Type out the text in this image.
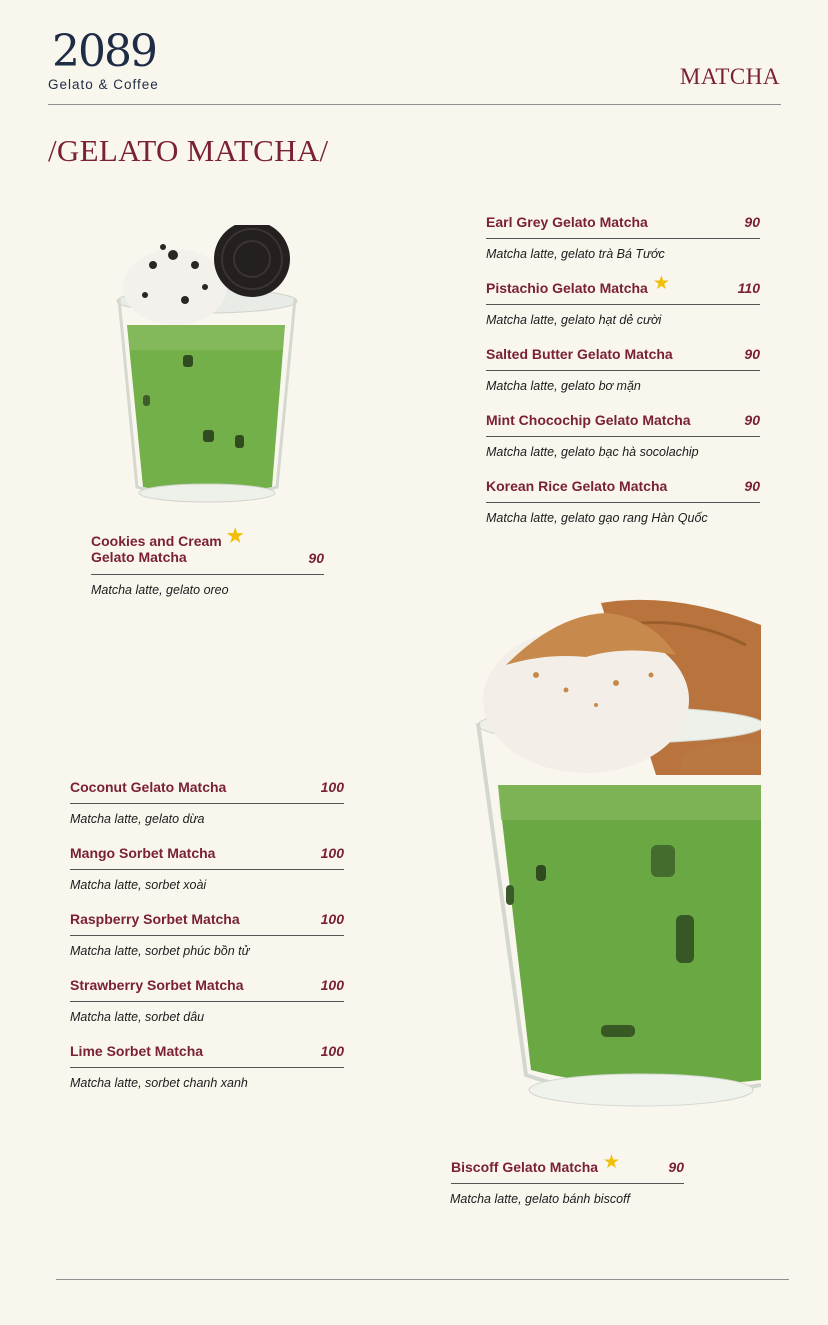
2089
Gelato & Coffee	MATCHA
/GELATO MATCHA/
Cookies and Cream ★
Gelato Matcha	90
Matcha latte, gelato oreo
Earl Grey Gelato Matcha	90
Matcha latte, gelato trà Bá Tước
Pistachio Gelato Matcha ★	110
Matcha latte, gelato hạt dẻ cười
Salted Butter Gelato Matcha	90
Matcha latte, gelato bơ mặn
Mint Chocochip Gelato Matcha	90
Matcha latte, gelato bạc hà socolachip
Korean Rice Gelato Matcha	90
Matcha latte, gelato gạo rang Hàn Quốc
Coconut Gelato Matcha	100
Matcha latte, gelato dừa
Mango Sorbet Matcha	100
Matcha latte, sorbet xoài
Raspberry Sorbet Matcha	100
Matcha latte, sorbet phúc bồn tử
Strawberry Sorbet Matcha	100
Matcha latte, sorbet dâu
Lime Sorbet Matcha	100
Matcha latte, sorbet chanh xanh
Biscoff Gelato Matcha ★	90
Matcha latte, gelato bánh biscoff
